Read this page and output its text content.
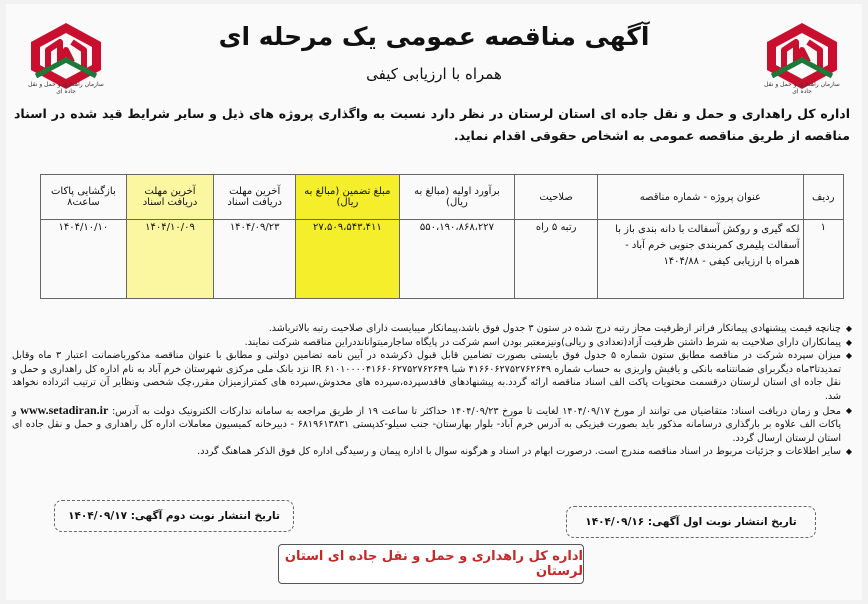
سازمان راهداری و حمل و نقل جاده ای
سازمان راهداری و حمل و نقل جاده ای
آگهی مناقصه عمومی یک مرحله ای
همراه با ارزیابی کیفی
اداره کل راهداری و حمل و نقل جاده ای استان لرستان در نظر دارد نسبت به واگذاری پروژه های ذیل و سایر شرایط قید شده در اسناد مناقصه از طریق مناقصه عمومی به اشخاص حقوقی اقدام نماید.
ردیف	عنوان پروژه - شماره مناقصه	صلاحیت	برآورد اولیه (مبالغ به ریال)	مبلغ تضمین (مبالغ به ریال)	آخرین مهلت دریافت اسناد	آخرین مهلت دریافت اسناد	بازگشایی پاکات ساعت۸
۱	لکه گیری و روکش آسفالت با دانه بندی باز با آسفالت پلیمری کمربندی جنوبی خرم آباد - همراه با ارزیابی کیفی - ۱۴۰۴/۸۸	رتبه ۵ راه	۵۵۰،۱۹۰،۸۶۸،۲۲۷	۲۷،۵۰۹،۵۴۳،۴۱۱	۱۴۰۴/۰۹/۲۳	۱۴۰۴/۱۰/۰۹	۱۴۰۴/۱۰/۱۰
◆ چنانچه قیمت پیشنهادی پیمانکار فراتر ازظرفیت مجاز رتبه درج شده در ستون ۳ جدول فوق باشد،پیمانکار میبایست دارای صلاحیت رتبه بالاترباشد.
◆ پیمانکاران دارای صلاحیت به شرط داشتن ظرفیت آزاد(تعدادی و ریالی)ونیزمعتبر بودن اسم شرکت در پایگاه ساجارمیتوانانددراین مناقصه شرکت نمایند.
◆ میزان سپرده شرکت در مناقصه مطابق ستون شماره ۵ جدول فوق بایستی بصورت تضامین قابل قبول ذکرشده در آیین نامه تضامین دولتی و مطابق با عنوان مناقصه مذکورباضمانت اعتبار ۳ ماه وقابل تمدیدتا۳ماه دیگربرای ضمانتنامه بانکی و یافیش واریزی به حساب شماره ۴۱۶۶۰۶۲۷۵۲۷۶۲۶۴۹ شبا IR ۶۱۰۱۰۰۰۰۴۱۶۶۰۶۲۷۵۲۷۶۲۶۴۹ نزد بانک ملی مرکزی شهرستان خرم آباد به نام اداره کل راهداری و حمل و نقل جاده ای استان لرستان درقسمت محتویات پاکت الف اسناد مناقصه ارائه گردد.به پیشنهادهای فاقدسپرده،سپرده های مخدوش،سپرده های کمترازمیزان مقرر،چک شخصی ونظایر آن ترتیب اثرداده نخواهد شد.
◆ محل و زمان دریافت اسناد: متقاضیان می توانند از مورخ ۱۴۰۴/۰۹/۱۷ لغایت تا مورخ ۱۴۰۴/۰۹/۲۳ حداکثر تا ساعت ۱۹ از طریق مراجعه به سامانه تدارکات الکترونیک دولت به آدرس: www.setadiran.ir و پاکات الف علاوه بر بارگذاری درسامانه مذکور باید بصورت فیزیکی به آدرس خرم آباد- بلوار بهارستان- جنب سیلو-کدپستی ۶۸۱۹۶۱۳۸۳۱ - دبیرخانه کمیسیون معاملات اداره کل راهداری و حمل و نقل جاده ای استان لرستان ارسال گردد.
◆ سایر اطلاعات و جزئیات مربوط در اسناد مناقصه مندرج است. درصورت ابهام در اسناد و هرگونه سوال با اداره پیمان و رسیدگی اداره کل فوق الذکر هماهنگ گردد.
تاریخ انتشار نوبت اول آگهی:

۱۴۰۴/۰۹/۱۶
تاریخ انتشار نوبت دوم آگهی:

۱۴۰۴/۰۹/۱۷
اداره کل راهداری و حمل و نقل جاده ای استان لرستان
